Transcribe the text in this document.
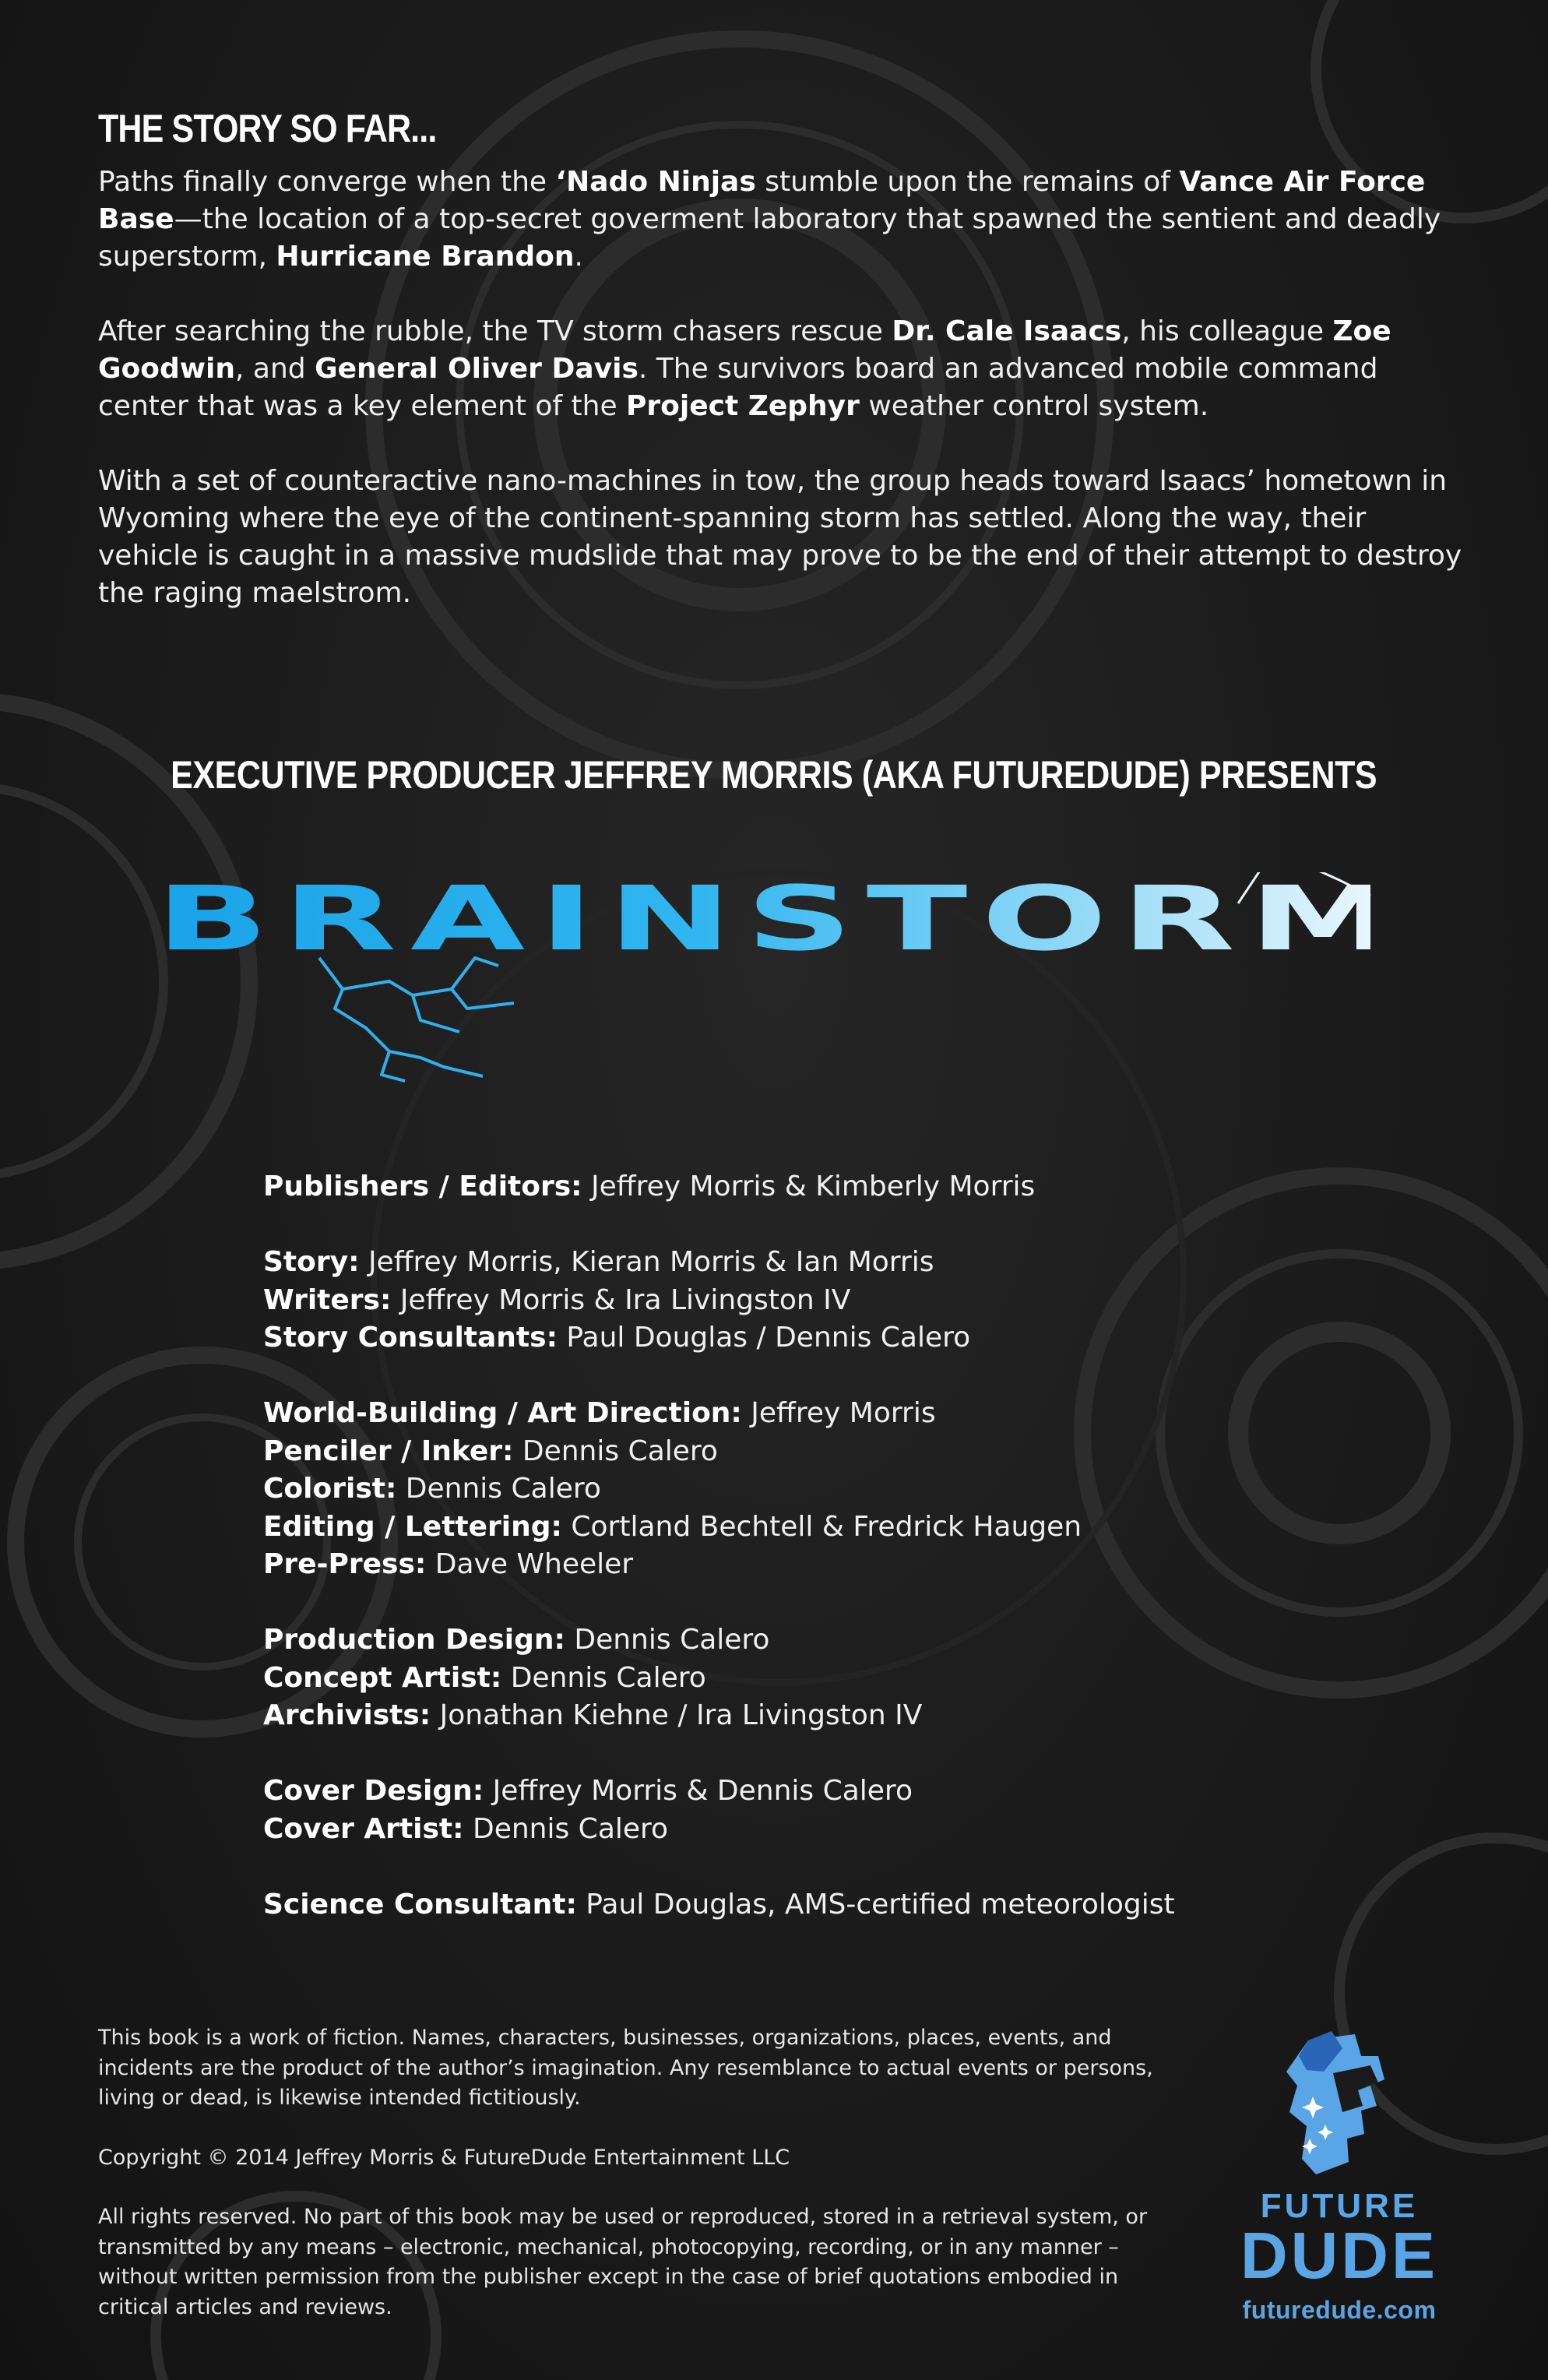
THE STORY SO FAR...

Paths finally converge when the ‘Nado Ninjas stumble upon the remains of Vance Air Force Base—the location of a top-secret goverment laboratory that spawned the sentient and deadly superstorm, Hurricane Brandon.

After searching the rubble, the TV storm chasers rescue Dr. Cale Isaacs, his colleague Zoe Goodwin, and General Oliver Davis. The survivors board an advanced mobile command center that was a key element of the Project Zephyr weather control system.

With a set of counteractive nano-machines in tow, the group heads toward Isaacs’ hometown in Wyoming where the eye of the continent-spanning storm has settled. Along the way, their vehicle is caught in a massive mudslide that may prove to be the end of their attempt to destroy the raging maelstrom.

EXECUTIVE PRODUCER JEFFREY MORRIS (AKA FUTUREDUDE) PRESENTS
BRAINSTORM
Publishers / Editors: Jeffrey Morris & Kimberly Morris
Story: Jeffrey Morris, Kieran Morris & Ian Morris
Writers: Jeffrey Morris & Ira Livingston IV
Story Consultants: Paul Douglas / Dennis Calero
World-Building / Art Direction: Jeffrey Morris
Penciler / Inker: Dennis Calero
Colorist: Dennis Calero
Editing / Lettering: Cortland Bechtell & Fredrick Haugen
Pre-Press: Dave Wheeler
Production Design: Dennis Calero
Concept Artist: Dennis Calero
Archivists: Jonathan Kiehne / Ira Livingston IV
Cover Design: Jeffrey Morris & Dennis Calero
Cover Artist: Dennis Calero
Science Consultant: Paul Douglas, AMS-certified meteorologist

This book is a work of fiction. Names, characters, businesses, organizations, places, events, and incidents are the product of the author’s imagination. Any resemblance to actual events or persons, living or dead, is likewise intended fictitiously.

Copyright © 2014 Jeffrey Morris & FutureDude Entertainment LLC

All rights reserved. No part of this book may be used or reproduced, stored in a retrieval system, or transmitted by any means – electronic, mechanical, photocopying, recording, or in any manner – without written permission from the publisher except in the case of brief quotations embodied in critical articles and reviews.

FUTURE
DUDE
futuredude.com
